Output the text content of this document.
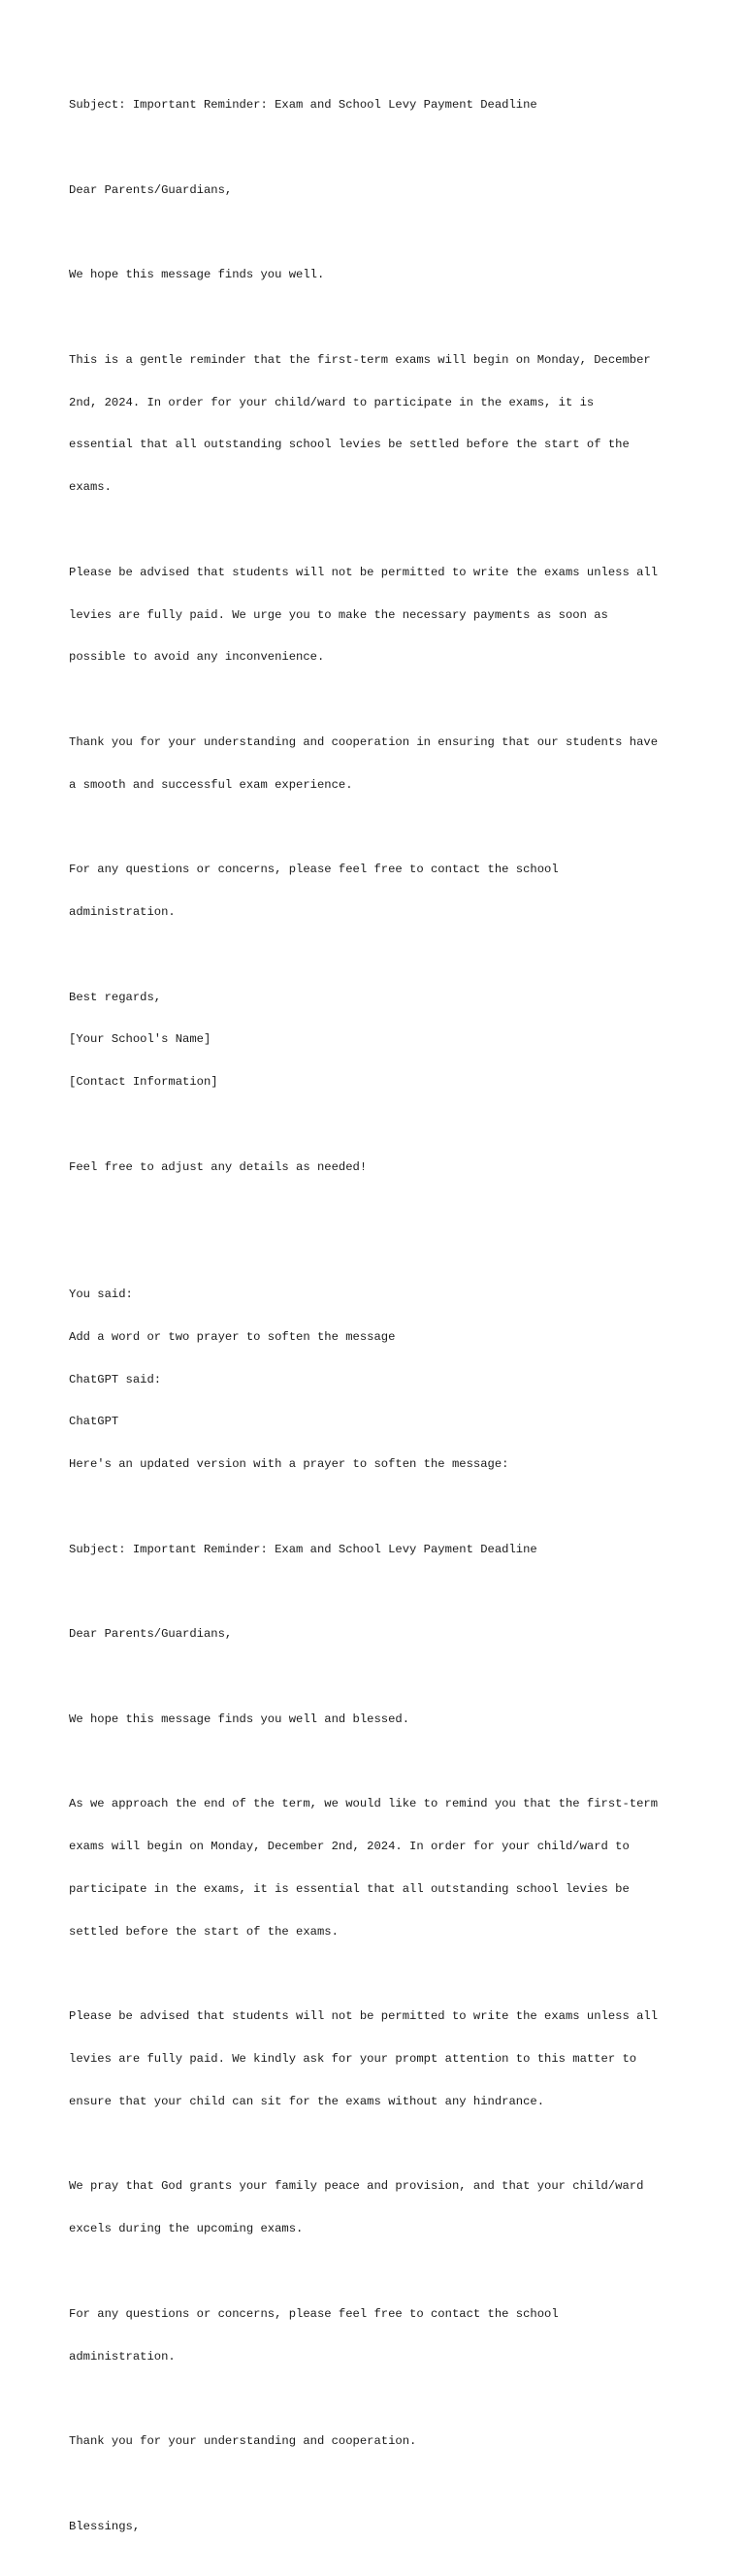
Subject: Important Reminder: Exam and School Levy Payment Deadline

Dear Parents/Guardians,

We hope this message finds you well.

This is a gentle reminder that the first-term exams will begin on Monday, December

2nd, 2024. In order for your child/ward to participate in the exams, it is

essential that all outstanding school levies be settled before the start of the

exams.

Please be advised that students will not be permitted to write the exams unless all

levies are fully paid. We urge you to make the necessary payments as soon as

possible to avoid any inconvenience.

Thank you for your understanding and cooperation in ensuring that our students have

a smooth and successful exam experience.

For any questions or concerns, please feel free to contact the school

administration.

Best regards,

[Your School's Name]

[Contact Information]

Feel free to adjust any details as needed!

You said:

Add a word or two prayer to soften the message

ChatGPT said:

ChatGPT

Here's an updated version with a prayer to soften the message:

Subject: Important Reminder: Exam and School Levy Payment Deadline

Dear Parents/Guardians,

We hope this message finds you well and blessed.

As we approach the end of the term, we would like to remind you that the first-term

exams will begin on Monday, December 2nd, 2024. In order for your child/ward to

participate in the exams, it is essential that all outstanding school levies be

settled before the start of the exams.

Please be advised that students will not be permitted to write the exams unless all

levies are fully paid. We kindly ask for your prompt attention to this matter to

ensure that your child can sit for the exams without any hindrance.

We pray that God grants your family peace and provision, and that your child/ward

excels during the upcoming exams.

For any questions or concerns, please feel free to contact the school

administration.

Thank you for your understanding and cooperation.

Blessings,
